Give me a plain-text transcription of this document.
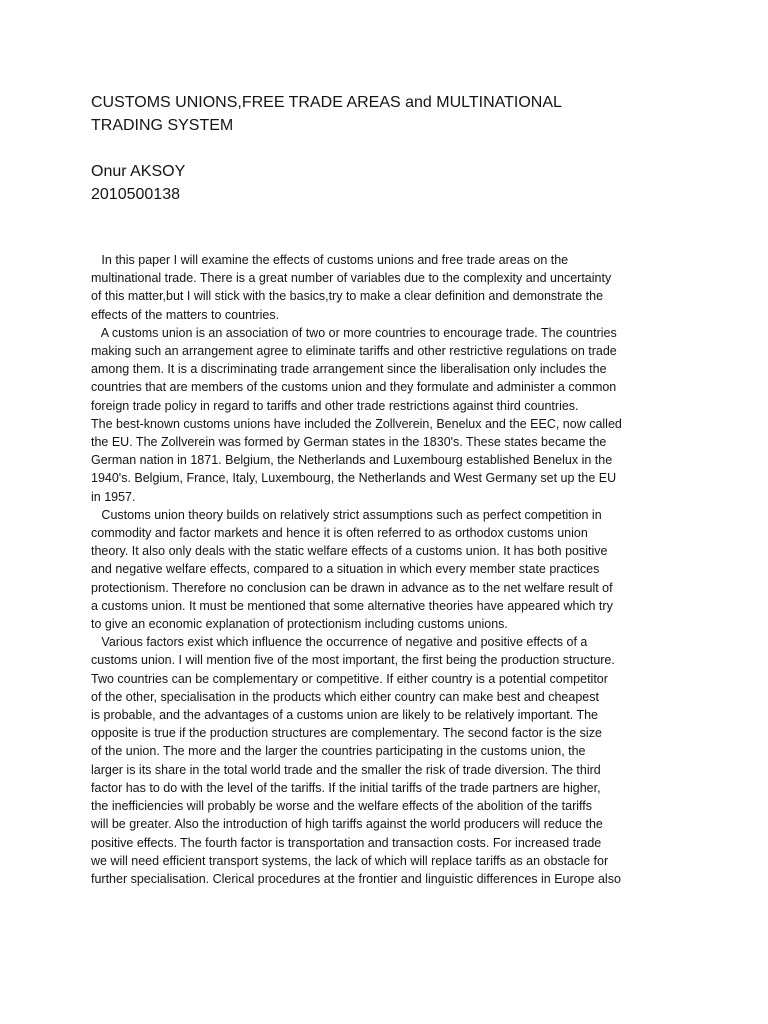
CUSTOMS UNIONS,FREE TRADE AREAS and MULTINATIONAL
TRADING SYSTEM
Onur AKSOY
2010500138
In this paper I will examine the effects of customs unions and free trade areas on the
multinational trade. There is a great number of variables due to the complexity and uncertainty
of this matter,but I will stick with the basics,try to make a clear definition and demonstrate the
effects of the matters to countries.
A customs union is an association of two or more countries to encourage trade. The countries
making such an arrangement agree to eliminate tariffs and other restrictive regulations on trade
among them. It is a discriminating trade arrangement since the liberalisation only includes the
countries that are members of the customs union and they formulate and administer a common
foreign trade policy in regard to tariffs and other trade restrictions against third countries.
The best-known customs unions have included the Zollverein, Benelux and the EEC, now called
the EU. The Zollverein was formed by German states in the 1830's. These states became the
German nation in 1871. Belgium, the Netherlands and Luxembourg established Benelux in the
1940's. Belgium, France, Italy, Luxembourg, the Netherlands and West Germany set up the EU
in 1957.
Customs union theory builds on relatively strict assumptions such as perfect competition in
commodity and factor markets and hence it is often referred to as orthodox customs union
theory. It also only deals with the static welfare effects of a customs union. It has both positive
and negative welfare effects, compared to a situation in which every member state practices
protectionism. Therefore no conclusion can be drawn in advance as to the net welfare result of
a customs union. It must be mentioned that some alternative theories have appeared which try
to give an economic explanation of protectionism including customs unions.
Various factors exist which influence the occurrence of negative and positive effects of a
customs union. I will mention five of the most important, the first being the production structure.
Two countries can be complementary or competitive. If either country is a potential competitor
of the other, specialisation in the products which either country can make best and cheapest
is probable, and the advantages of a customs union are likely to be relatively important. The
opposite is true if the production structures are complementary. The second factor is the size
of the union. The more and the larger the countries participating in the customs union, the
larger is its share in the total world trade and the smaller the risk of trade diversion. The third
factor has to do with the level of the tariffs. If the initial tariffs of the trade partners are higher,
the inefficiencies will probably be worse and the welfare effects of the abolition of the tariffs
will be greater. Also the introduction of high tariffs against the world producers will reduce the
positive effects. The fourth factor is transportation and transaction costs. For increased trade
we will need efficient transport systems, the lack of which will replace tariffs as an obstacle for
further specialisation. Clerical procedures at the frontier and linguistic differences in Europe also
